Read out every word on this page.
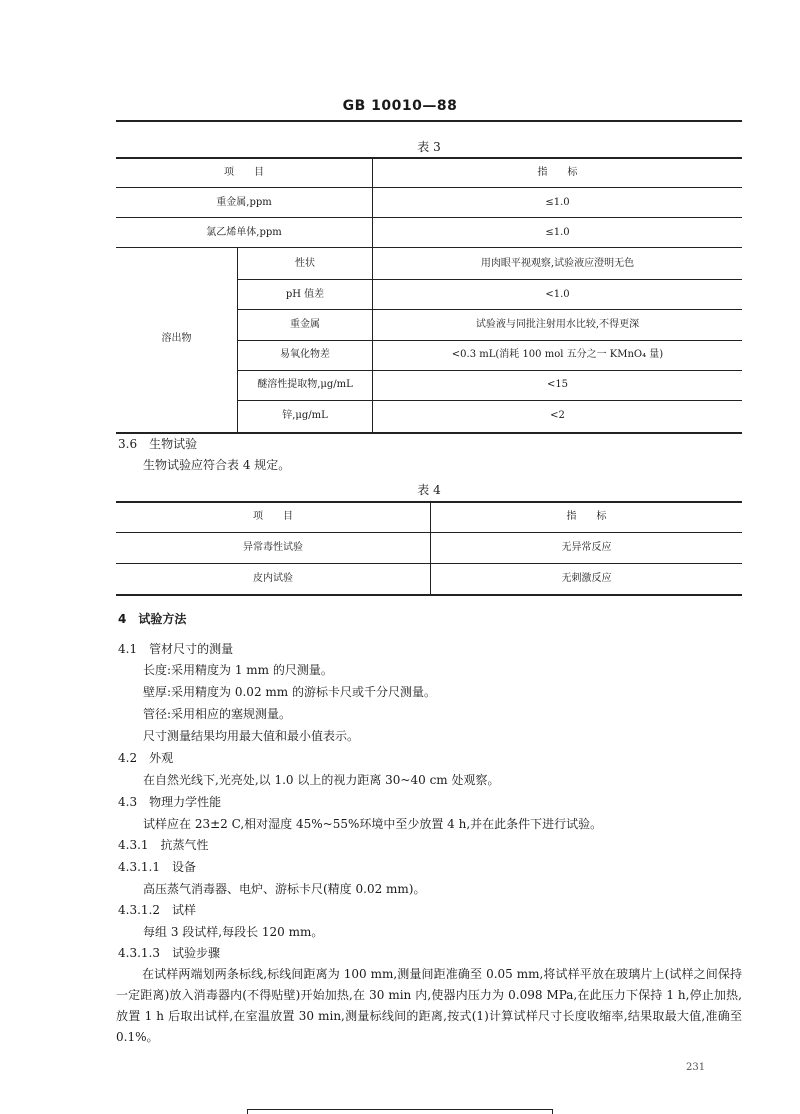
GB 10010—88
表 3
项　　目	指　　标
重金属,ppm	≤1.0
氯乙烯单体,ppm	≤1.0
溶出物
性状	用肉眼平视观察,试验液应澄明无色
pH 值差	<1.0
重金属	试验液与同批注射用水比较,不得更深
易氧化物差	<0.3 mL(消耗 100 mol 五分之一 KMnO₄ 量)
醚溶性提取物,μg/mL	<15
锌,μg/mL	<2
3.6　生物试验
生物试验应符合表 4 规定。
表 4
项　　目	指　　标
异常毒性试验	无异常反应
皮内试验	无刺激反应
4　试验方法
4.1　管材尺寸的测量
长度:采用精度为 1 mm 的尺测量。
壁厚:采用精度为 0.02 mm 的游标卡尺或千分尺测量。
管径:采用相应的塞规测量。
尺寸测量结果均用最大值和最小值表示。
4.2　外观
在自然光线下,光亮处,以 1.0 以上的视力距离 30~40 cm 处观察。
4.3　物理力学性能
试样应在 23±2 C,相对湿度 45%~55%环境中至少放置 4 h,并在此条件下进行试验。
4.3.1　抗蒸气性
4.3.1.1　设备
高压蒸气消毒器、电炉、游标卡尺(精度 0.02 mm)。
4.3.1.2　试样
每组 3 段试样,每段长 120 mm。
4.3.1.3　试验步骤
在试样两端划两条标线,标线间距离为 100 mm,测量间距准确至 0.05 mm,将试样平放在玻璃片上(试样之间保持一定距离)放入消毒器内(不得贴壁)开始加热,在 30 min 内,使器内压力为 0.098 MPa,在此压力下保持 1 h,停止加热,放置 1 h 后取出试样,在室温放置 30 min,测量标线间的距离,按式(1)计算试样尺寸长度收缩率,结果取最大值,准确至 0.1%。
231
